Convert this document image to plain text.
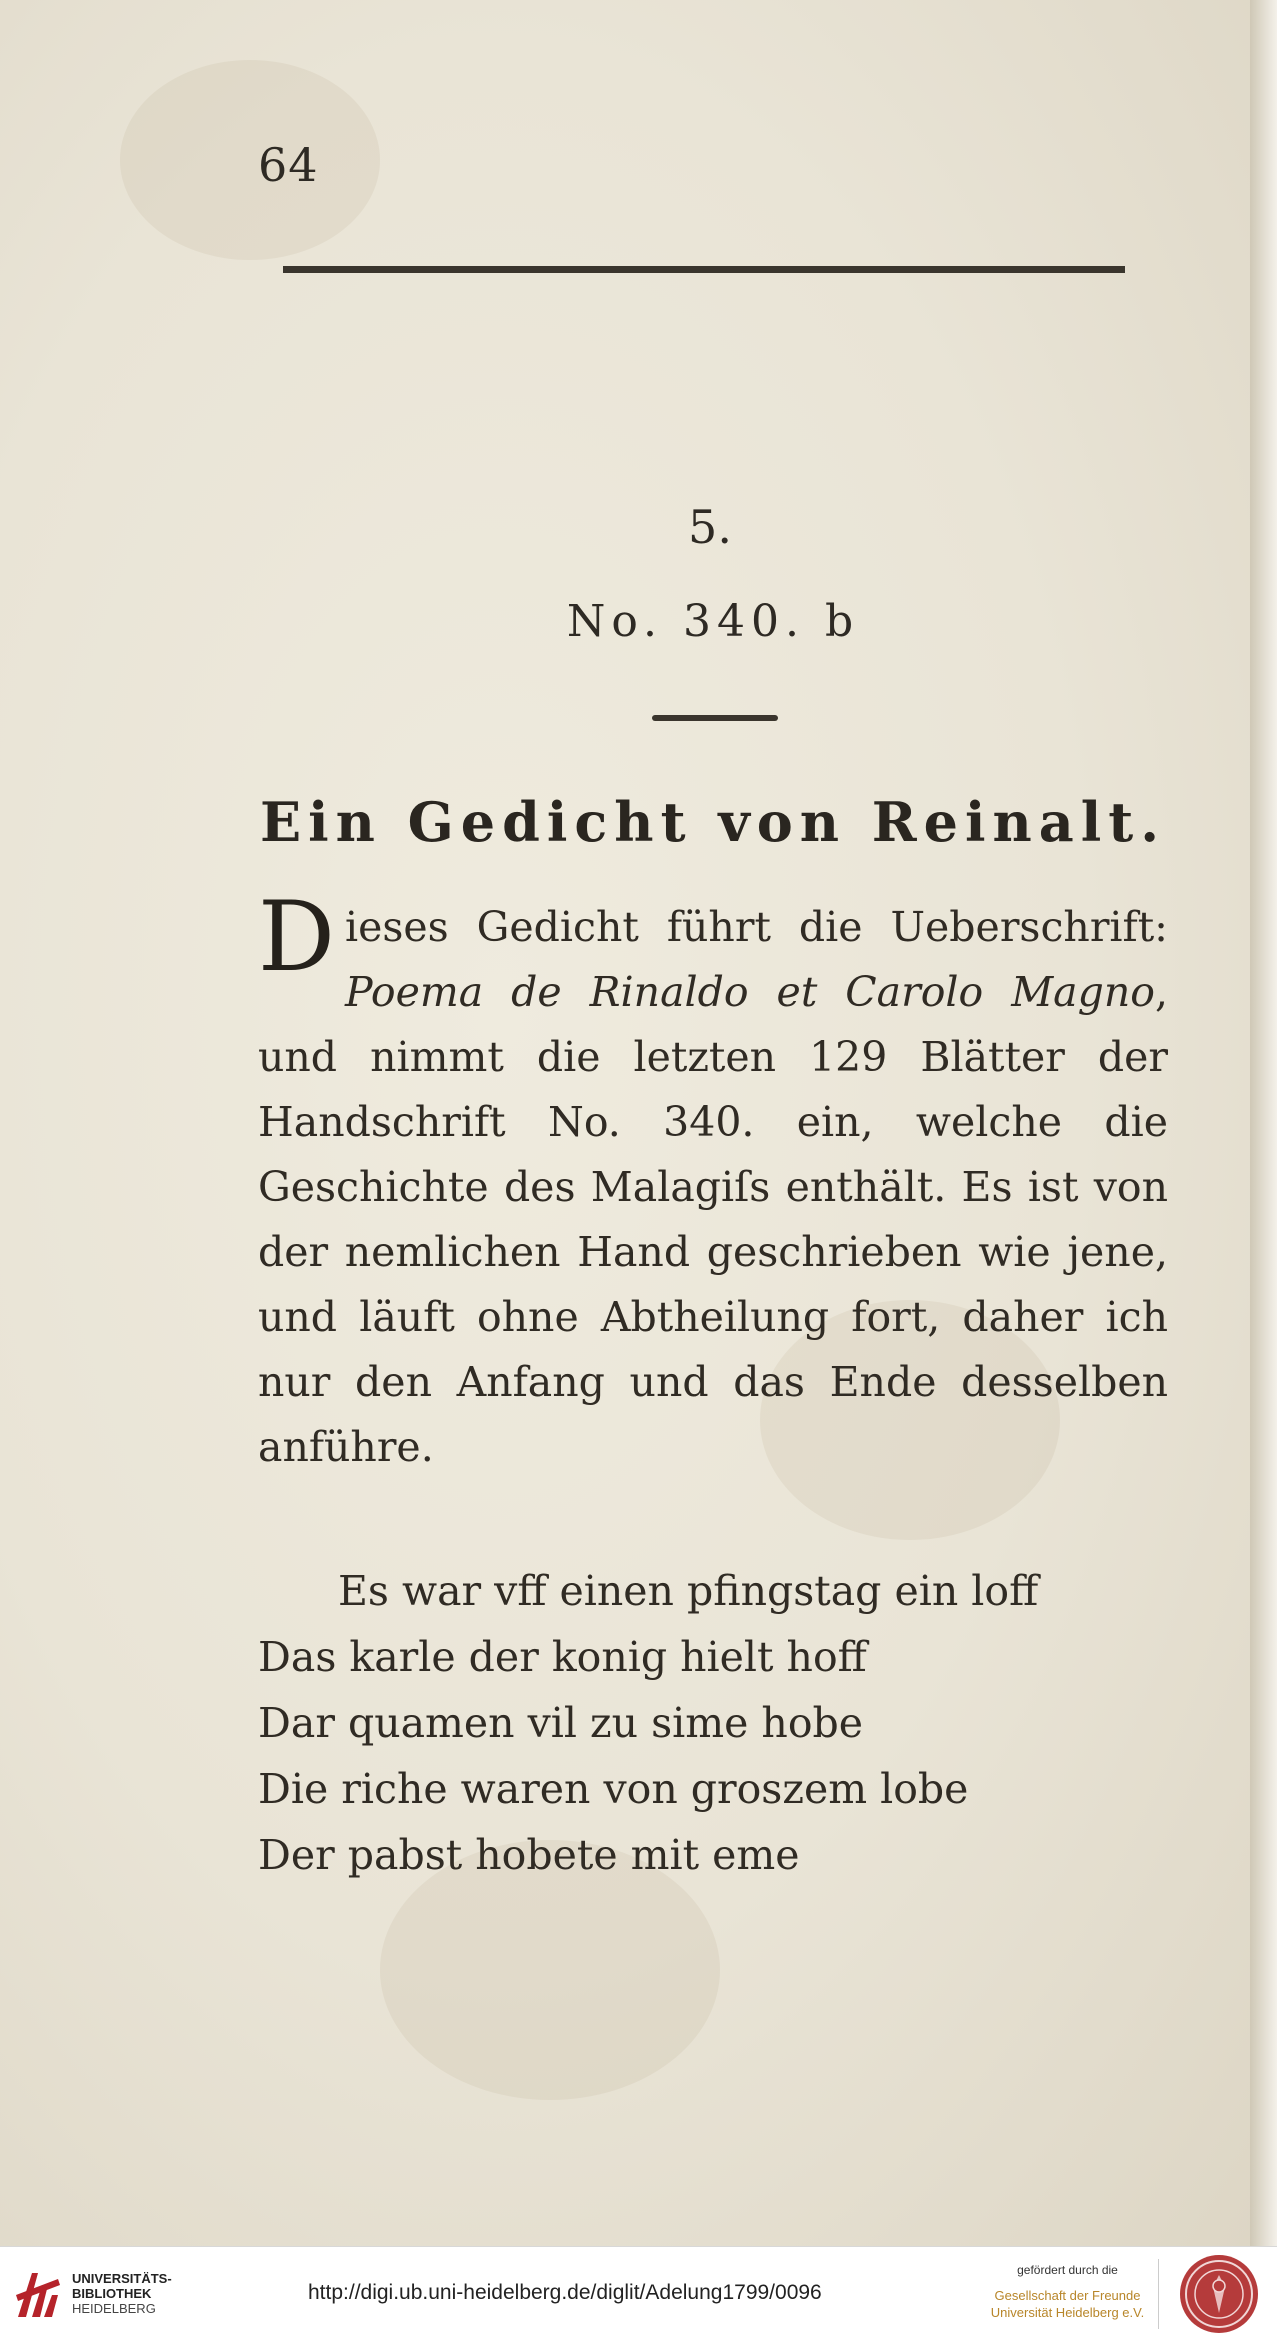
64
5.
No. 340. b
Ein Gedicht von Reinalt.

Dieses Gedicht führt die Ueberschrift: Poema de Rinaldo et Carolo Magno, und nimmt die letzten 129 Blätter der Handschrift No. 340. ein, welche die Geschichte des Malagiſs enthält. Es ist von der nemlichen Hand geschrieben wie jene, und läuft ohne Abtheilung fort, daher ich nur den Anfang und das Ende desselben anführe.

Es war vff einen pfingstag ein loff
Das karle der konig hielt hoff
Dar quamen vil zu sime hobe
Die riche waren von groszem lobe
Der pabst hobete mit eme
UNIVERSITÄTS-
BIBLIOTHEK
HEIDELBERG
http://digi.ub.uni-heidelberg.de/diglit/Adelung1799/0096
gefördert durch die
Gesellschaft der Freunde
Universität Heidelberg e.V.
